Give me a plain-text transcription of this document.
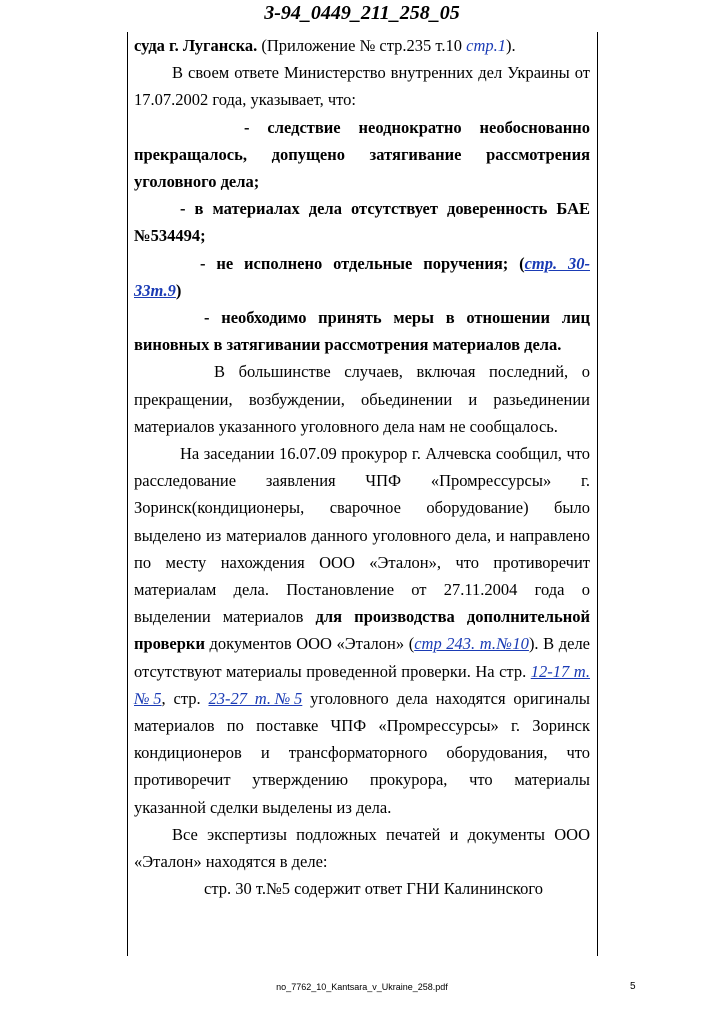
3-94_0449_211_258_05

суда г. Луганска. (Приложение № стр.235 т.10 стр.1).

В своем ответе Министерство внутренних дел Украины от 17.07.2002 года, указывает, что:

- следствие неоднократно необоснованно прекращалось, допущено затягивание рассмотрения уголовного дела;

- в материалах дела отсутствует доверенность БАЕ №534494;

- не исполнено отдельные поручения; (стр. 30-33т.9)

- необходимо принять меры в отношении лиц виновных в затягивании рассмотрения материалов дела.

В большинстве случаев, включая последний, о прекращении, возбуждении, обьединении и разьединении материалов указанного уголовного дела нам не сообщалось.

На заседании 16.07.09 прокурор г. Алчевска сообщил, что расследование заявления ЧПФ «Промрессурсы» г. Зоринск(кондиционеры, сварочное оборудование) было выделено из материалов данного уголовного дела, и направлено по месту нахождения ООО «Эталон», что противоречит материалам дела. Постановление от 27.11.2004 года о выделении материалов для производства дополнительной проверки документов ООО «Эталон» (стр 243. т.№10). В деле отсутствуют материалы проведенной проверки. На стр. 12-17 т.№5, стр. 23-27 т.№5 уголовного дела находятся оригиналы материалов по поставке ЧПФ «Промрессурсы» г. Зоринск кондиционеров и трансформаторного оборудования, что противоречит утверждению прокурора, что материалы указанной сделки выделены из дела.

Все экспертизы подложных печатей и документы ООО «Эталон» находятся в деле:

стр. 30 т.№5 содержит ответ ГНИ Калининского

no_7762_10_Kantsara_v_Ukraine_258.pdf	5
